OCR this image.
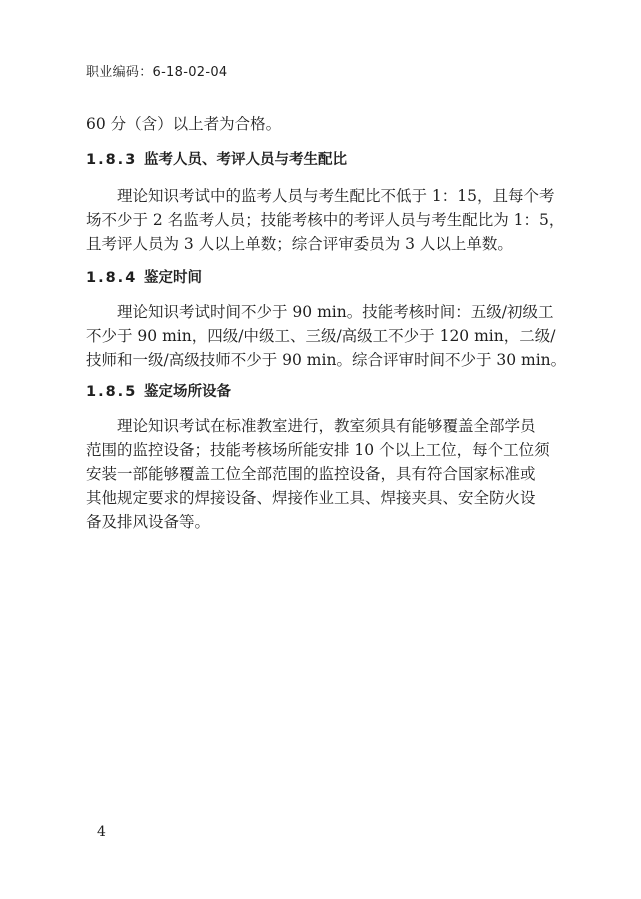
职业编码：6-18-02-04
60 分（含）以上者为合格。
1.8.3 监考人员、考评人员与考生配比
理论知识考试中的监考人员与考生配比不低于 1：15，且每个考
场不少于 2 名监考人员；技能考核中的考评人员与考生配比为 1：5，
且考评人员为 3 人以上单数；综合评审委员为 3 人以上单数。
1.8.4 鉴定时间
理论知识考试时间不少于 90 min。技能考核时间：五级/初级工
不少于 90 min，四级/中级工、三级/高级工不少于 120 min，二级/
技师和一级/高级技师不少于 90 min。综合评审时间不少于 30 min。
1.8.5 鉴定场所设备
理论知识考试在标准教室进行，教室须具有能够覆盖全部学员
范围的监控设备；技能考核场所能安排 10 个以上工位，每个工位须
安装一部能够覆盖工位全部范围的监控设备，具有符合国家标准或
其他规定要求的焊接设备、焊接作业工具、焊接夹具、安全防火设
备及排风设备等。
4
